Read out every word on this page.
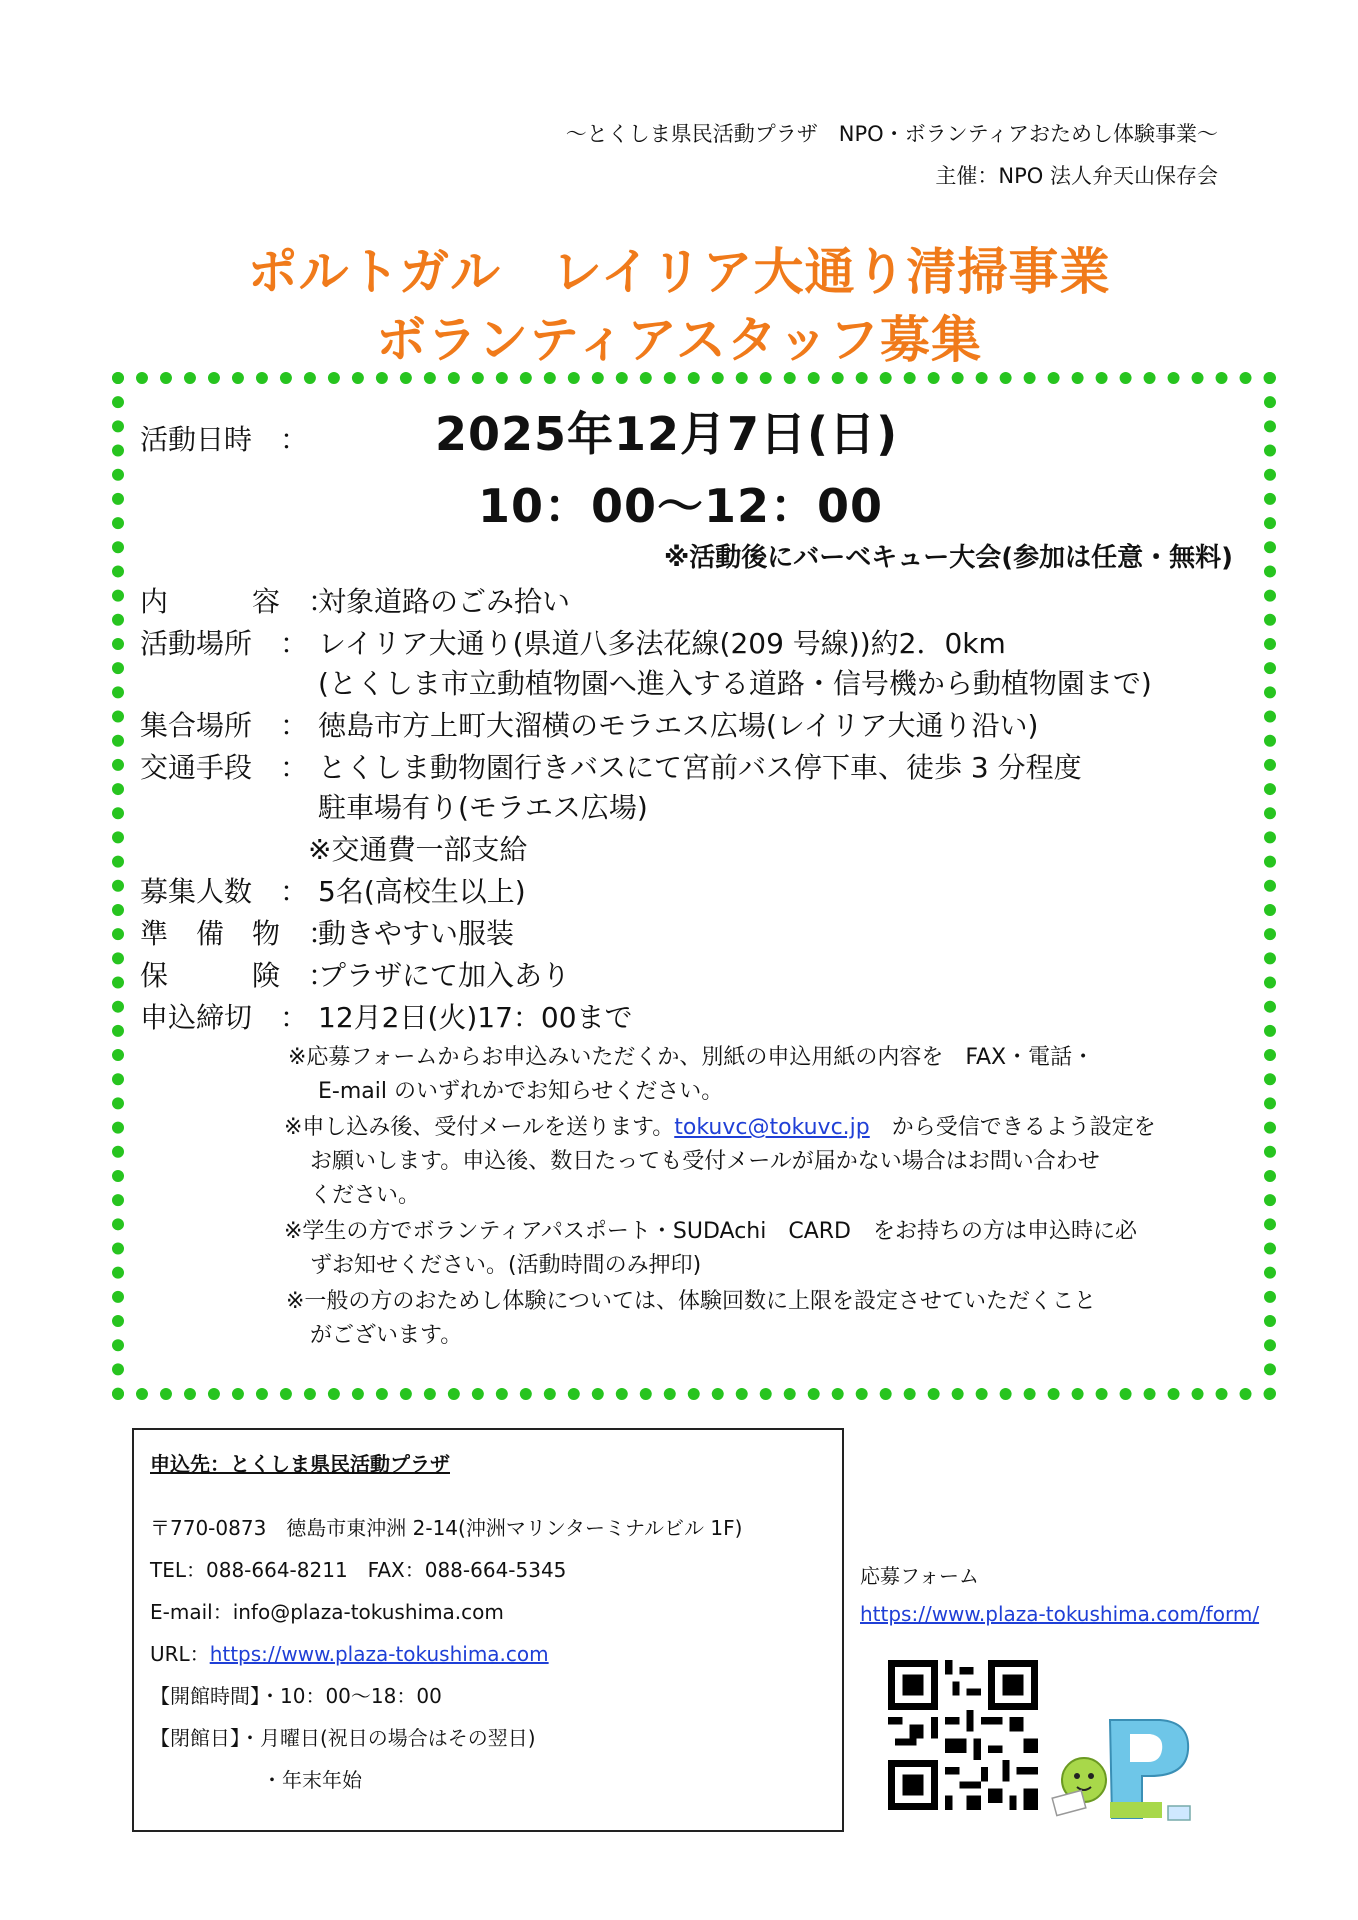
～とくしま県民活動プラザ　NPO・ボランティアおためし体験事業～
主催：NPO 法人弁天山保存会
ポルトガル　レイリア大通り清掃事業
ボランティアスタッフ募集
活動日時　：	2025年12月7日(日)
10：00～12：00
※活動後にバーベキュー大会(参加は任意・無料)
内　　　容　：
対象道路のごみ拾い
活動場所　： レイリア大通り(県道八多法花線(209 号線))約2．0km
(とくしま市立動植物園へ進入する道路・信号機から動植物園まで)
集合場所　： 徳島市方上町大溜横のモラエス広場(レイリア大通り沿い)
交通手段　： とくしま動物園行きバスにて宮前バス停下車、徒歩 3 分程度
駐車場有り(モラエス広場)
※交通費一部支給
募集人数　： 5名(高校生以上)
準　備　物　：
動きやすい服装
保　　　険　：
プラザにて加入あり
申込締切　： 12月2日(火)17：00まで
※応募フォームからお申込みいただくか、別紙の申込用紙の内容を　FAX・電話・
E-mail のいずれかでお知らせください。
※申し込み後、受付メールを送ります。tokuvc@tokuvc.jp　から受信できるよう設定を
お願いします。申込後、数日たっても受付メールが届かない場合はお問い合わせ
ください。
※学生の方でボランティアパスポート・SUDAchi　CARD　をお持ちの方は申込時に必
ずお知せください。(活動時間のみ押印)
※一般の方のおためし体験については、体験回数に上限を設定させていただくこと
がございます。
申込先：とくしま県民活動プラザ
〒770-0873　徳島市東沖洲 2-14(沖洲マリンターミナルビル 1F)
TEL：088-664-8211　FAX：088-664-5345
E-mail：info@plaza-tokushima.com
URL：https://www.plaza-tokushima.com
【開館時間】・10：00～18：00
【閉館日】・月曜日(祝日の場合はその翌日)
・年末年始
応募フォーム
https://www.plaza-tokushima.com/form/
